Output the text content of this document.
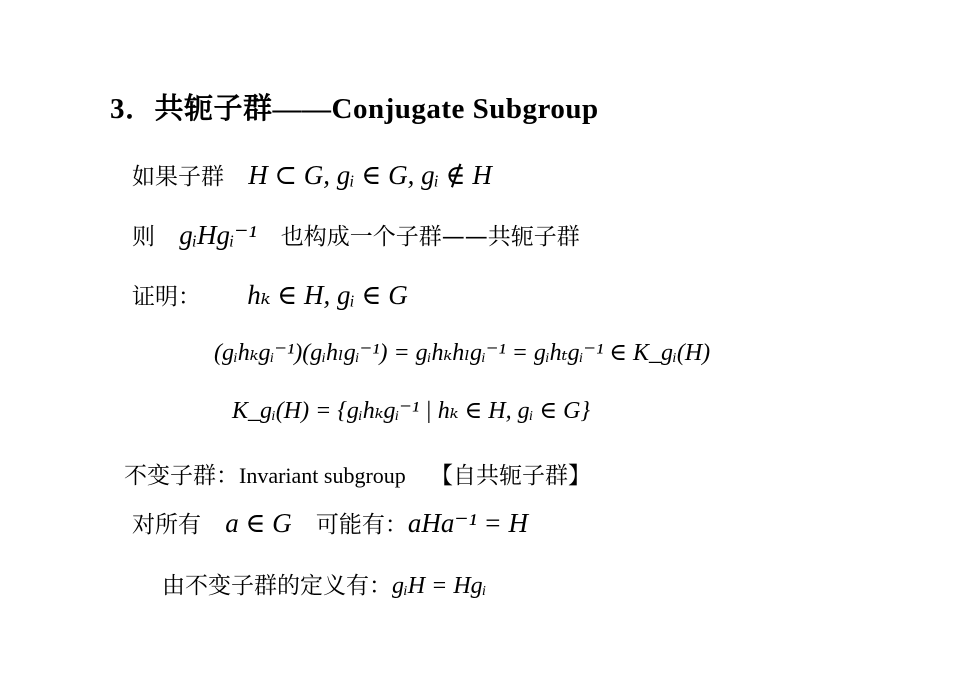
3．共轭子群——Conjugate Subgroup
如果子群 H ⊂ G, gᵢ ∈ G, gᵢ ∉ H
则 gᵢHgᵢ⁻¹ 也构成一个子群——共轭子群
证明： hₖ ∈ H, gᵢ ∈ G
(gᵢhₖgᵢ⁻¹)(gᵢhₗgᵢ⁻¹) = gᵢhₖhₗgᵢ⁻¹ = gᵢhₜgᵢ⁻¹ ∈ K_gᵢ(H)
K_gᵢ(H) = {gᵢhₖgᵢ⁻¹ | hₖ ∈ H, gᵢ ∈ G}
不变子群：Invariant subgroup 【自共轭子群】
对所有 a ∈ G 可能有：aHa⁻¹ = H
由不变子群的定义有：gᵢH = Hgᵢ
